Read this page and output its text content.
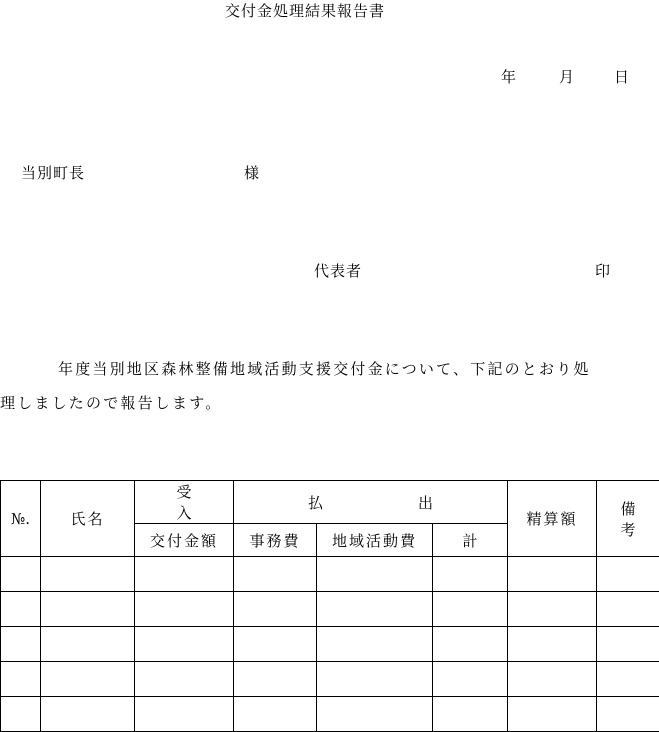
交付金処理結果報告書
年	月	日
当別町長	様
代表者	印
年度当別地区森林整備地域活動支援交付金について、下記のとおり処
理しましたので報告します。
№.	氏名	受　入	払　出			精算額	備考
		交付金額	事務費	地域活動費	計		
